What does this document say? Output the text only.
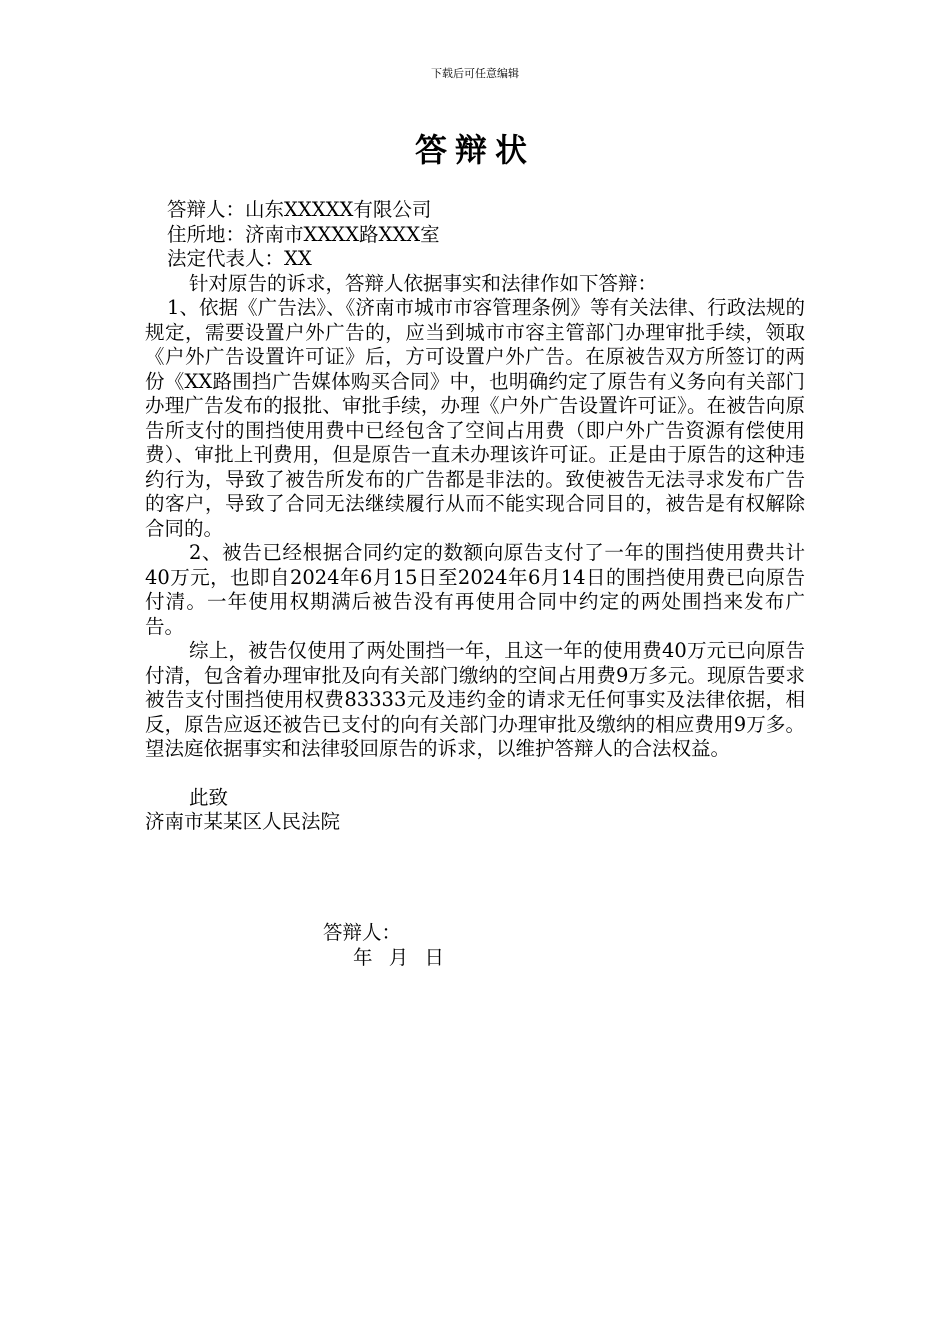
下载后可任意编辑
答辩状

答辩人：山东XXXXX有限公司

住所地：济南市XXXX路XXX室

法定代表人：XX

针对原告的诉求，答辩人依据事实和法律作如下答辩：

1、依据《广告法》、《济南市城市市容管理条例》等有关法律、行政法规的规定，需要设置户外广告的，应当到城市市容主管部门办理审批手续，领取《户外广告设置许可证》后，方可设置户外广告。在原被告双方所签订的两份《XX路围挡广告媒体购买合同》中，也明确约定了原告有义务向有关部门办理广告发布的报批、审批手续，办理《户外广告设置许可证》。在被告向原告所支付的围挡使用费中已经包含了空间占用费（即户外广告资源有偿使用费）、审批上刊费用，但是原告一直未办理该许可证。正是由于原告的这种违约行为，导致了被告所发布的广告都是非法的。致使被告无法寻求发布广告的客户，导致了合同无法继续履行从而不能实现合同目的，被告是有权解除合同的。

2、被告已经根据合同约定的数额向原告支付了一年的围挡使用费共计40万元，也即自2024年6月15日至2024年6月14日的围挡使用费已向原告付清。一年使用权期满后被告没有再使用合同中约定的两处围挡来发布广告。

综上，被告仅使用了两处围挡一年，且这一年的使用费40万元已向原告付清，包含着办理审批及向有关部门缴纳的空间占用费9万多元。现原告要求被告支付围挡使用权费83333元及违约金的请求无任何事实及法律依据，相反，原告应返还被告已支付的向有关部门办理审批及缴纳的相应费用9万多。望法庭依据事实和法律驳回原告的诉求，以维护答辩人的合法权益。

此致

济南市某某区人民法院

答辩人：
年 月 日
